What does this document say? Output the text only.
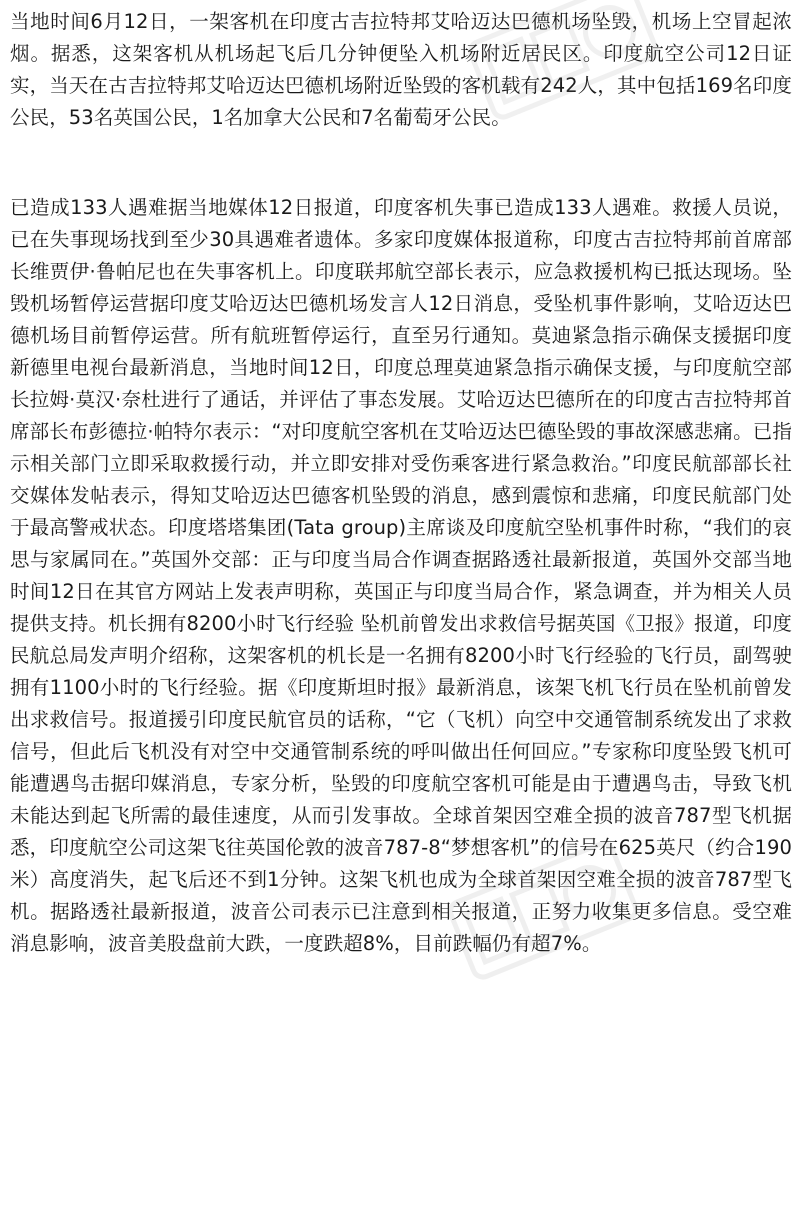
当地时间6月12日，一架客机在印度古吉拉特邦艾哈迈达巴德机场坠毁，机场上空冒起浓烟。据悉，这架客机从机场起飞后几分钟便坠入机场附近居民区。印度航空公司12日证实，当天在古吉拉特邦艾哈迈达巴德机场附近坠毁的客机载有242人，其中包括169名印度公民，53名英国公民，1名加拿大公民和7名葡萄牙公民。

已造成133人遇难据当地媒体12日报道，印度客机失事已造成133人遇难。救援人员说，已在失事现场找到至少30具遇难者遗体。多家印度媒体报道称，印度古吉拉特邦前首席部长维贾伊·鲁帕尼也在失事客机上。印度联邦航空部长表示，应急救援机构已抵达现场。坠毁机场暂停运营据印度艾哈迈达巴德机场发言人12日消息，受坠机事件影响，艾哈迈达巴德机场目前暂停运营。所有航班暂停运行，直至另行通知。莫迪紧急指示确保支援据印度新德里电视台最新消息，当地时间12日，印度总理莫迪紧急指示确保支援，与印度航空部长拉姆·莫汉·奈杜进行了通话，并评估了事态发展。艾哈迈达巴德所在的印度古吉拉特邦首席部长布彭德拉·帕特尔表示：“对印度航空客机在艾哈迈达巴德坠毁的事故深感悲痛。已指示相关部门立即采取救援行动，并立即安排对受伤乘客进行紧急救治。”印度民航部部长社交媒体发帖表示，得知艾哈迈达巴德客机坠毁的消息，感到震惊和悲痛，印度民航部门处于最高警戒状态。印度塔塔集团(Tata group)主席谈及印度航空坠机事件时称，“我们的哀思与家属同在。”英国外交部：正与印度当局合作调查据路透社最新报道，英国外交部当地时间12日在其官方网站上发表声明称，英国正与印度当局合作，紧急调查，并为相关人员提供支持。机长拥有8200小时飞行经验 坠机前曾发出求救信号据英国《卫报》报道，印度民航总局发声明介绍称，这架客机的机长是一名拥有8200小时飞行经验的飞行员，副驾驶拥有1100小时的飞行经验。据《印度斯坦时报》最新消息，该架飞机飞行员在坠机前曾发出求救信号。报道援引印度民航官员的话称，“它（飞机）向空中交通管制系统发出了求救信号，但此后飞机没有对空中交通管制系统的呼叫做出任何回应。”专家称印度坠毁飞机可能遭遇鸟击据印媒消息，专家分析，坠毁的印度航空客机可能是由于遭遇鸟击，导致飞机未能达到起飞所需的最佳速度，从而引发事故。全球首架因空难全损的波音787型飞机据悉，印度航空公司这架飞往英国伦敦的波音787-8“梦想客机”的信号在625英尺（约合190米）高度消失，起飞后还不到1分钟。这架飞机也成为全球首架因空难全损的波音787型飞机。据路透社最新报道，波音公司表示已注意到相关报道，正努力收集更多信息。受空难消息影响，波音美股盘前大跌，一度跌超8%，目前跌幅仍有超7%。
